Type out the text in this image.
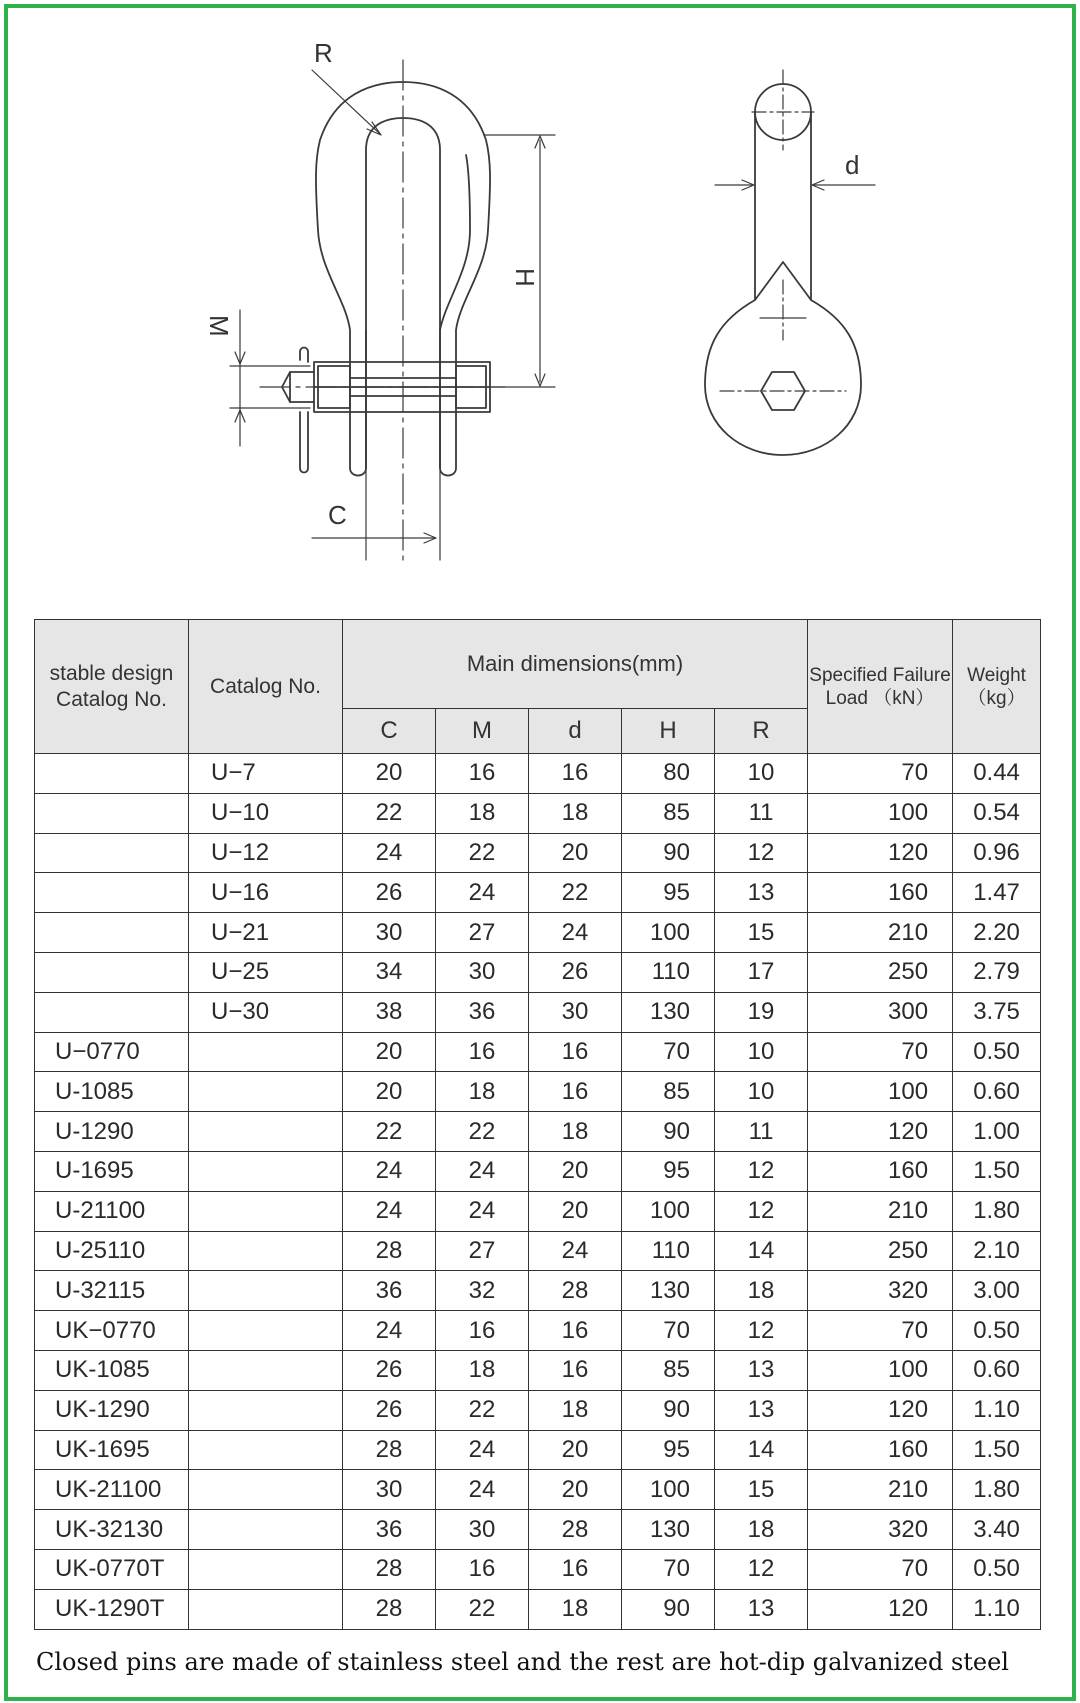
R
H
M
C
d
stable design Catalog No.	Catalog No.	Main dimensions(mm)					Specified Failure Load （kN）	Weight （kg）
		C	M	d	H	R		
	U−7	20	16	16	80	10	70	0.44
	U−10	22	18	18	85	11	100	0.54
	U−12	24	22	20	90	12	120	0.96
	U−16	26	24	22	95	13	160	1.47
	U−21	30	27	24	100	15	210	2.20
	U−25	34	30	26	110	17	250	2.79
	U−30	38	36	30	130	19	300	3.75
U−0770		20	16	16	70	10	70	0.50
U-1085		20	18	16	85	10	100	0.60
U-1290		22	22	18	90	11	120	1.00
U-1695		24	24	20	95	12	160	1.50
U-21100		24	24	20	100	12	210	1.80
U-25110		28	27	24	110	14	250	2.10
U-32115		36	32	28	130	18	320	3.00
UK−0770		24	16	16	70	12	70	0.50
UK-1085		26	18	16	85	13	100	0.60
UK-1290		26	22	18	90	13	120	1.10
UK-1695		28	24	20	95	14	160	1.50
UK-21100		30	24	20	100	15	210	1.80
UK-32130		36	30	28	130	18	320	3.40
UK-0770T		28	16	16	70	12	70	0.50
UK-1290T		28	22	18	90	13	120	1.10
Closed pins are made of stainless steel and the rest are hot-dip galvanized steel
